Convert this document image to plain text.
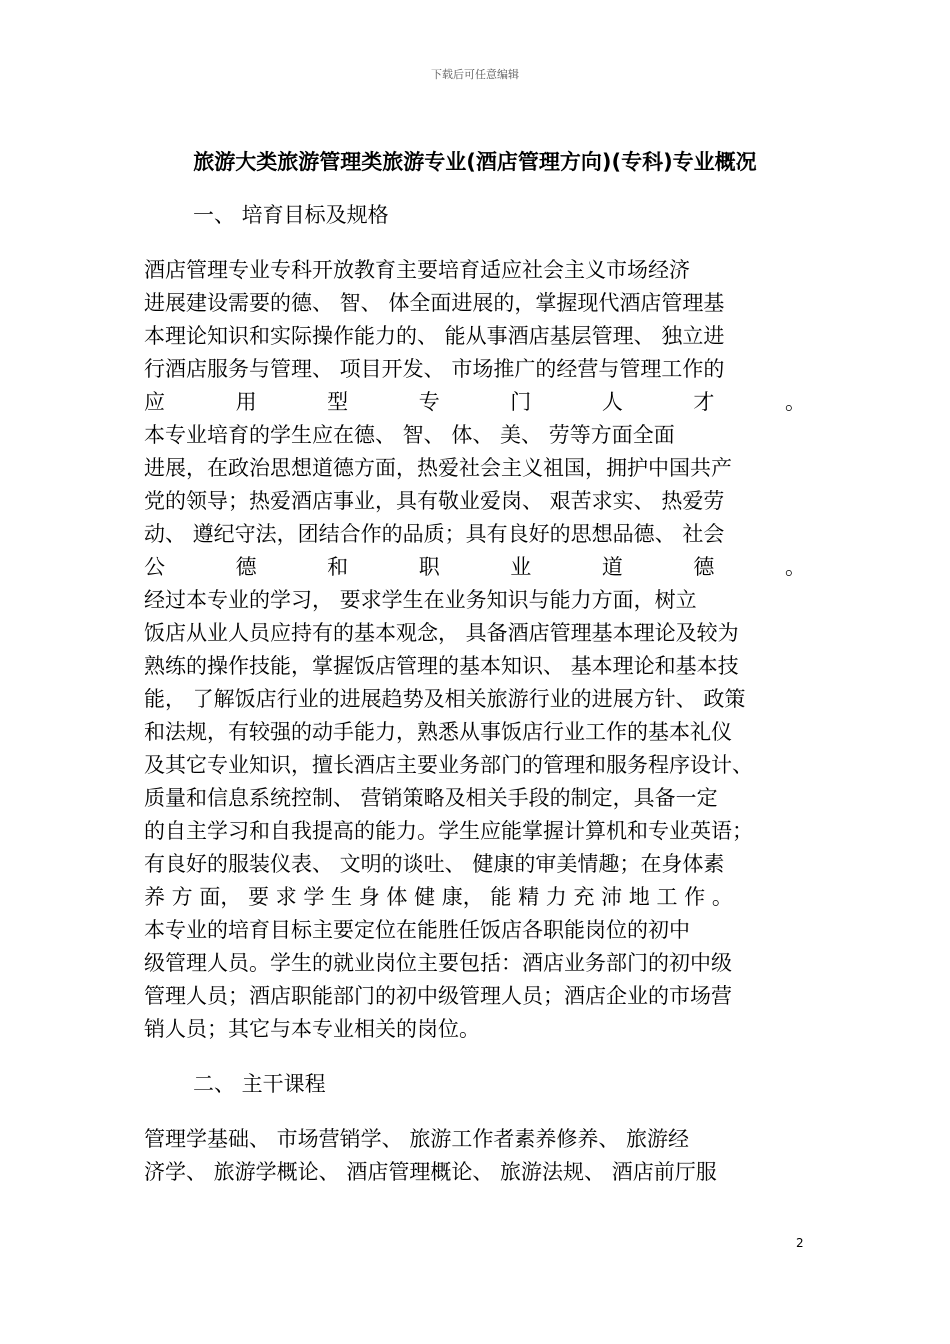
下载后可任意编辑
旅游大类旅游管理类旅游专业(酒店管理方向)(专科)专业概况
一、 培育目标及规格
酒店管理专业专科开放教育主要培育适应社会主义市场经济
进展建设需要的德、 智、 体全面进展的，掌握现代酒店管理基
本理论知识和实际操作能力的、 能从事酒店基层管理、 独立进
行酒店服务与管理、 项目开发、 市场推广的经营与管理工作的
应	用	型	专	门	人	才	。
本专业培育的学生应在德、 智、 体、 美、 劳等方面全面
进展，在政治思想道德方面，热爱社会主义祖国，拥护中国共产
党的领导；热爱酒店事业，具有敬业爱岗、 艰苦求实、 热爱劳
动、 遵纪守法，团结合作的品质；具有良好的思想品德、 社会
公	德	和	职	业	道	德	。
经过本专业的学习， 要求学生在业务知识与能力方面，树立
饭店从业人员应持有的基本观念， 具备酒店管理基本理论及较为
熟练的操作技能，掌握饭店管理的基本知识、 基本理论和基本技
能， 了解饭店行业的进展趋势及相关旅游行业的进展方针、 政策
和法规，有较强的动手能力，熟悉从事饭店行业工作的基本礼仪
及其它专业知识，擅长酒店主要业务部门的管理和服务程序设计、
质量和信息系统控制、 营销策略及相关手段的制定，具备一定
的自主学习和自我提高的能力。学生应能掌握计算机和专业英语；
有良好的服装仪表、 文明的谈吐、 健康的审美情趣；在身体素
养 方 面， 要 求 学 生 身 体 健 康， 能 精 力 充 沛 地 工 作 。
本专业的培育目标主要定位在能胜任饭店各职能岗位的初中
级管理人员。学生的就业岗位主要包括：酒店业务部门的初中级
管理人员；酒店职能部门的初中级管理人员；酒店企业的市场营
销人员；其它与本专业相关的岗位。
二、 主干课程
管理学基础、 市场营销学、 旅游工作者素养修养、 旅游经
济学、 旅游学概论、 酒店管理概论、 旅游法规、 酒店前厅服
2
